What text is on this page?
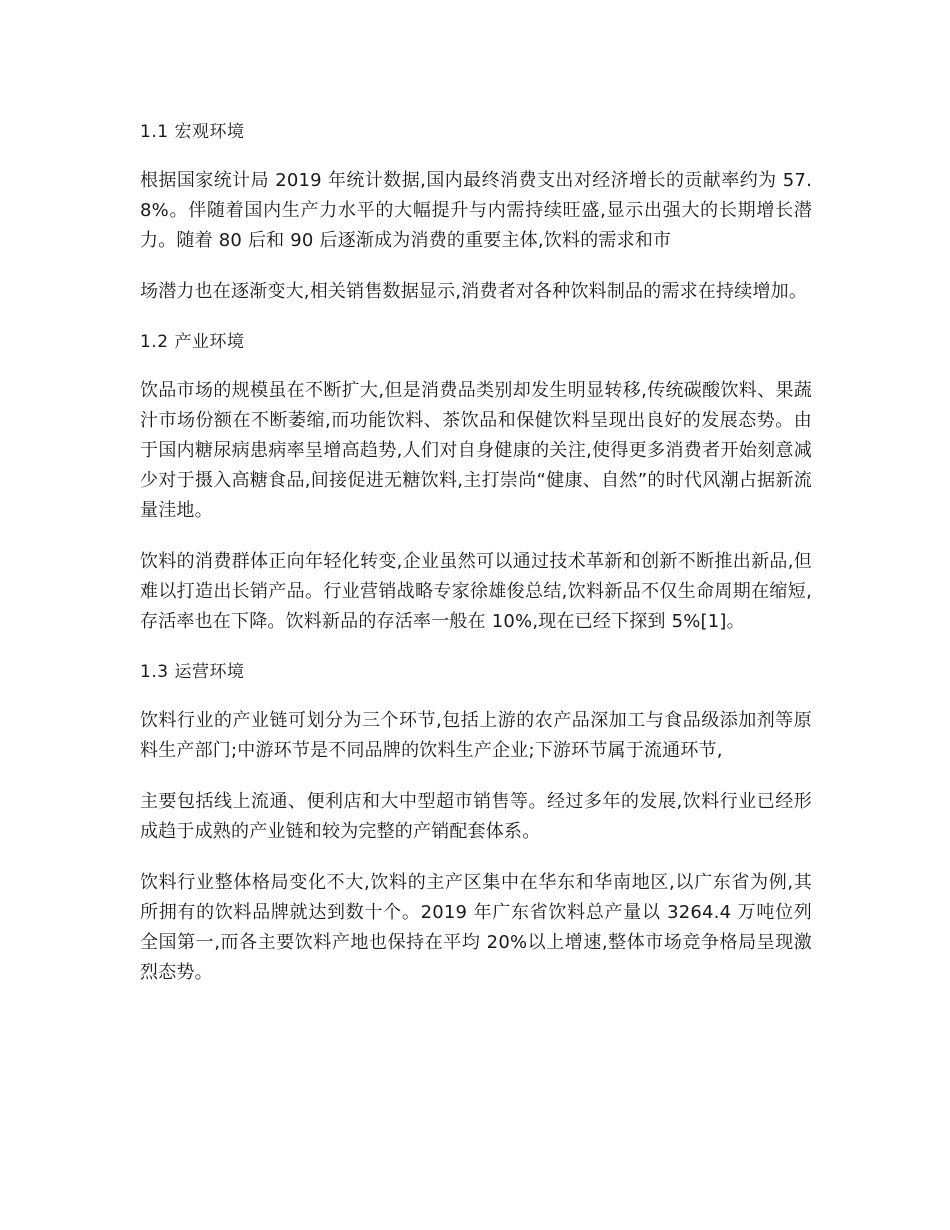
1.1 宏观环境

根据国家统计局 2019 年统计数据,国内最终消费支出对经济增长的贡献率约为 57.8%。伴随着国内生产力水平的大幅提升与内需持续旺盛,显示出强大的长期增长潜力。随着 80 后和 90 后逐渐成为消费的重要主体,饮料的需求和市

场潜力也在逐渐变大,相关销售数据显示,消费者对各种饮料制品的需求在持续增加。

1.2 产业环境

饮品市场的规模虽在不断扩大,但是消费品类别却发生明显转移,传统碳酸饮料、果蔬汁市场份额在不断萎缩,而功能饮料、茶饮品和保健饮料呈现出良好的发展态势。由于国内糖尿病患病率呈增高趋势,人们对自身健康的关注,使得更多消费者开始刻意减少对于摄入高糖食品,间接促进无糖饮料,主打崇尚“健康、自然”的时代风潮占据新流量洼地。

饮料的消费群体正向年轻化转变,企业虽然可以通过技术革新和创新不断推出新品,但难以打造出长销产品。行业营销战略专家徐雄俊总结,饮料新品不仅生命周期在缩短,存活率也在下降。饮料新品的存活率一般在 10%,现在已经下探到 5%[1]。

1.3 运营环境

饮料行业的产业链可划分为三个环节,包括上游的农产品深加工与食品级添加剂等原料生产部门;中游环节是不同品牌的饮料生产企业;下游环节属于流通环节,

主要包括线上流通、便利店和大中型超市销售等。经过多年的发展,饮料行业已经形成趋于成熟的产业链和较为完整的产销配套体系。

饮料行业整体格局变化不大,饮料的主产区集中在华东和华南地区,以广东省为例,其所拥有的饮料品牌就达到数十个。2019 年广东省饮料总产量以 3264.4 万吨位列全国第一,而各主要饮料产地也保持在平均 20%以上增速,整体市场竞争格局呈现激烈态势。
